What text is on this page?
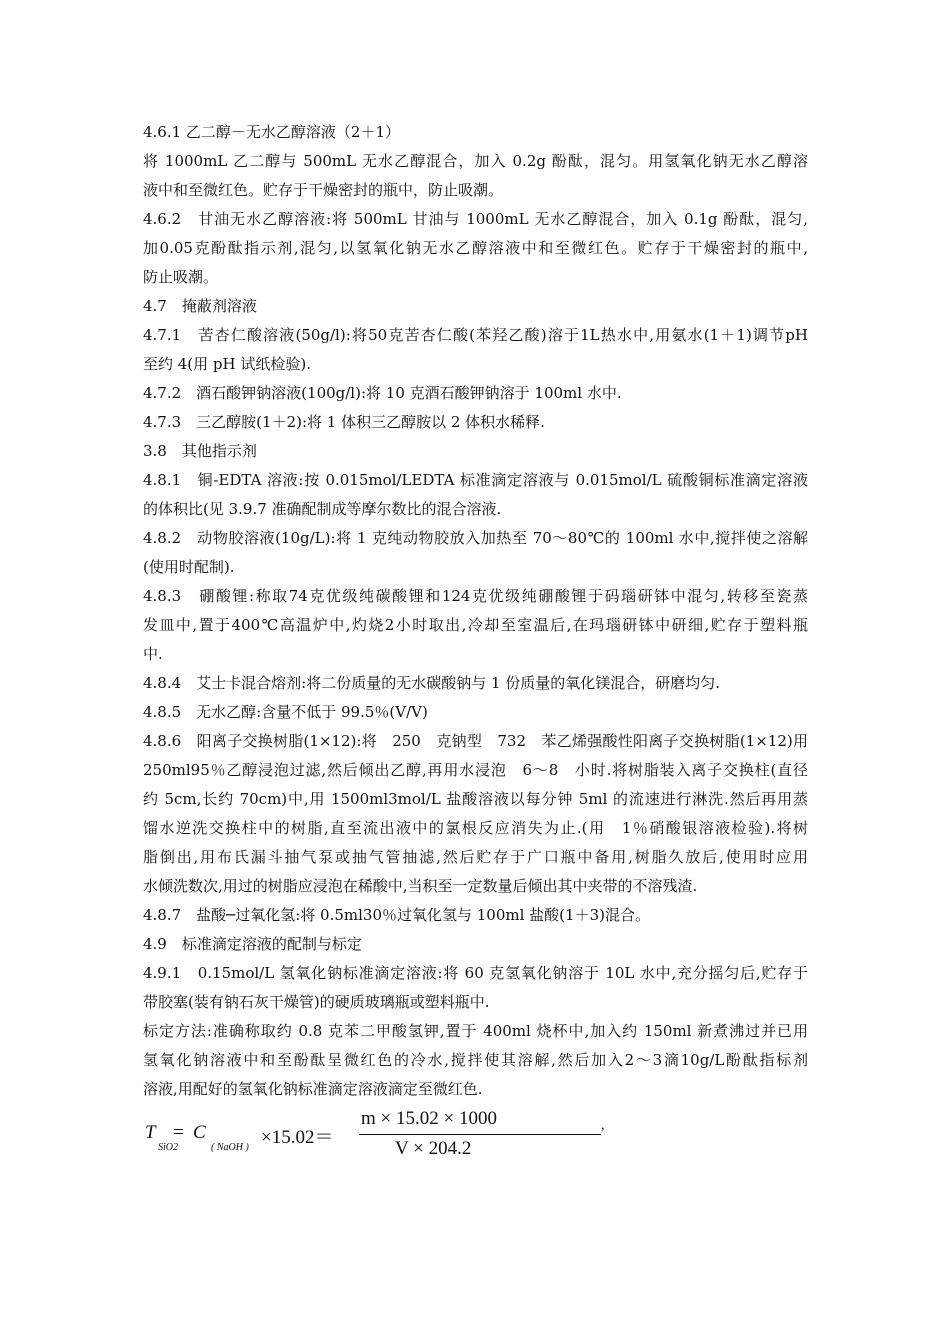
4.6.1 乙二醇－无水乙醇溶液（2＋1）

将 1000mL 乙二醇与 500mL 无水乙醇混合，加入 0.2g 酚酞，混匀。用氢氧化钠无水乙醇溶

液中和至微红色。贮存于干燥密封的瓶中，防止吸潮。

4.6.2　甘油无水乙醇溶液:将 500mL 甘油与 1000mL 无水乙醇混合，加入 0.1g 酚酞，混匀,

加0.05克酚酞指示剂,混匀,以氢氧化钠无水乙醇溶液中和至微红色。贮存于干燥密封的瓶中,

防止吸潮。

4.7　掩蔽剂溶液

4.7.1　苦杏仁酸溶液(50g/l):将50克苦杏仁酸(苯羟乙酸)溶于1L热水中,用氨水(1＋1)调节pH

至约 4(用 pH 试纸检验).

4.7.2　酒石酸钾钠溶液(100g/l):将 10 克酒石酸钾钠溶于 100ml 水中.

4.7.3　三乙醇胺(1＋2):将 1 体积三乙醇胺以 2 体积水稀释.

3.8　其他指示剂

4.8.1　铜-EDTA 溶液:按 0.015mol/LEDTA 标准滴定溶液与 0.015mol/L 硫酸铜标准滴定溶液

的体积比(见 3.9.7 准确配制成等摩尔数比的混合溶液.

4.8.2　动物胶溶液(10g/L):将 1 克纯动物胶放入加热至 70～80℃的 100ml 水中,搅拌使之溶解

(使用时配制).

4.8.3　硼酸锂:称取74克优级纯碳酸锂和124克优级纯硼酸锂于码瑙研钵中混匀,转移至瓷蒸

发皿中,置于400℃高温炉中,灼烧2小时取出,冷却至室温后,在玛瑙研钵中研细,贮存于塑料瓶

中.

4.8.4　艾士卡混合熔剂:将二份质量的无水碳酸钠与 1 份质量的氧化镁混合，研磨均匀.

4.8.5　无水乙醇:含量不低于 99.5％(V/V)

4.8.6　阳离子交换树脂(1×12):将　250　克钠型　732　苯乙烯强酸性阳离子交换树脂(1×12)用

250ml95％乙醇浸泡过滤,然后倾出乙醇,再用水浸泡　6～8　小时.将树脂装入离子交换柱(直径

约 5cm,长约 70cm)中,用 1500ml3mol/L 盐酸溶液以每分钟 5ml 的流速进行淋洗.然后再用蒸

馏水逆洗交换柱中的树脂,直至流出液中的氯根反应消失为止.(用　1％硝酸银溶液检验).将树

脂倒出,用布氏漏斗抽气泵或抽气管抽滤,然后贮存于广口瓶中备用,树脂久放后,使用时应用

水倾洗数次,用过的树脂应浸泡在稀酸中,当积至一定数量后倾出其中夹带的不溶残渣.

4.8.7　盐酸─过氧化氢:将 0.5ml30％过氧化氢与 100ml 盐酸(1＋3)混合。

4.9　标准滴定溶液的配制与标定

4.9.1　0.15mol/L 氢氧化钠标准滴定溶液:将 60 克氢氧化钠溶于 10L 水中,充分摇匀后,贮存于

带胶塞(装有钠石灰干燥管)的硬质玻璃瓶或塑料瓶中.

标定方法:准确称取约 0.8 克苯二甲酸氢钾,置于 400ml 烧杯中,加入约 150ml 新煮沸过并已用

氢氧化钠溶液中和至酚酞呈微红色的冷水,搅拌使其溶解,然后加入2～3滴10g/L酚酞指标剂

溶液,用配好的氢氧化钠标准滴定溶液滴定至微红色.

T
SiO2
= C
( NaOH ) ×15.02＝
m × 15.02 × 1000
V × 204.2
,
